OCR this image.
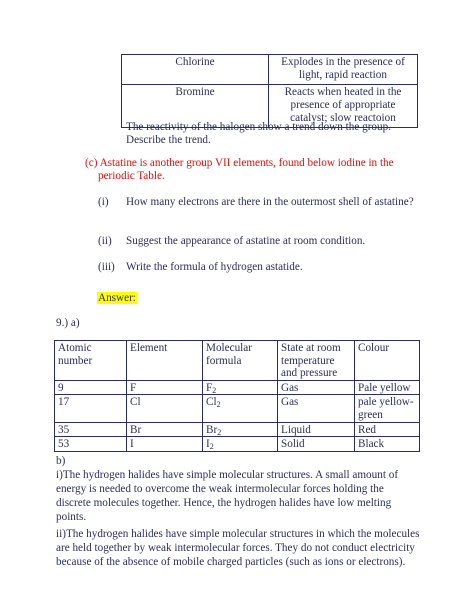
Chlorine	Explodes in the presence of light, rapid reaction
Bromine	Reacts when heated in the presence of appropriate catalyst; slow reactoion
The reactivity of the halogen show a trend down the group.
Describe the trend.
(c) Astatine is another group VII elements, found below iodine in the
periodic Table.
(i) How many electrons are there in the outermost shell of astatine?
(ii) Suggest the appearance of astatine at room condition.
(iii) Write the formula of hydrogen astatide.
Answer:
9.) a)
Atomic number	Element	Molecular formula	State at room temperature and pressure	Colour
9	F	$F_2$	Gas	Pale yellow
17	Cl	$Cl_2$	Gas	pale yellow-green
35	Br	$Br_2$	Liquid	Red
53	I	$I_2$	Solid	Black
b)
i)The hydrogen halides have simple molecular structures. A small amount of energy is needed to overcome the weak intermolecular forces holding the discrete molecules together. Hence, the hydrogen halides have low melting points.
ii)The hydrogen halides have simple molecular structures in which the molecules are held together by weak intermolecular forces. They do not conduct electricity because of the absence of mobile charged particles (such as ions or electrons).
